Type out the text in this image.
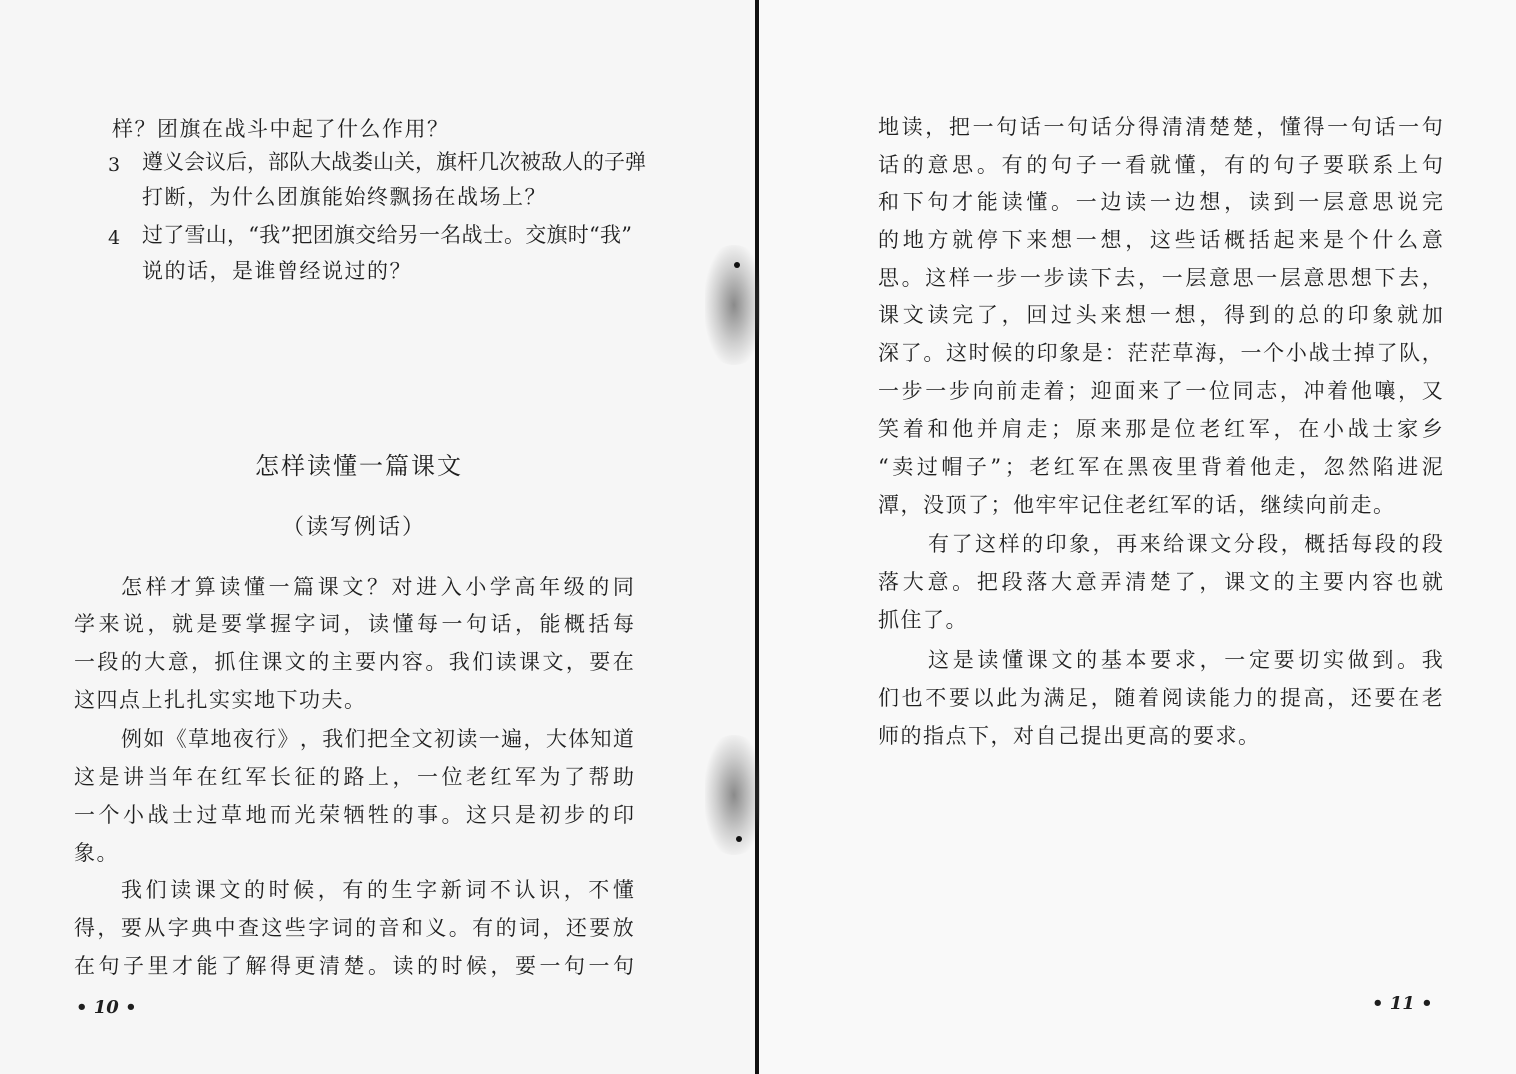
样？团旗在战斗中起了什么作用？
3 遵 义 会 议 后 ， 部 队 大 战 娄 山 关 ， 旗 杆 几 次 被 敌 人 的 子 弹
打断，为什么团旗能始终飘扬在战场上？
4 过 了 雪 山 ， “ 我 ” 把 团 旗 交 给 另 一 名 战 士 。 交 旗 时 “ 我 ”
说的话，是谁曾经说过的？
怎样读懂一篇课文
（读写例话）
怎 样 才 算 读 懂 一 篇 课 文 ？ 对 进 入 小 学 高 年 级 的 同
学 来 说 ， 就 是 要 掌 握 字 词 ， 读 懂 每 一 句 话 ， 能 概 括 每
一 段 的 大 意 ， 抓 住 课 文 的 主 要 内 容 。 我 们 读 课 文 ， 要 在
这四点上扎扎实实地下功夫。
例 如 《 草 地 夜 行 》 ， 我 们 把 全 文 初 读 一 遍 ， 大 体 知 道
这 是 讲 当 年 在 红 军 长 征 的 路 上 ， 一 位 老 红 军 为 了 帮 助
一 个 小 战 士 过 草 地 而 光 荣 牺 牲 的 事 。 这 只 是 初 步 的 印
象。
我 们 读 课 文 的 时 候 ， 有 的 生 字 新 词 不 认 识 ， 不 懂
得 ， 要 从 字 典 中 查 这 些 字 词 的 音 和 义 。 有 的 词 ， 还 要 放
在 句 子 里 才 能 了 解 得 更 清 楚 。 读 的 时 候 ， 要 一 句 一 句
• 10 •
地 读 ， 把 一 句 话 一 句 话 分 得 清 清 楚 楚 ， 懂 得 一 句 话 一 句
话 的 意 思 。 有 的 句 子 一 看 就 懂 ， 有 的 句 子 要 联 系 上 句
和 下 句 才 能 读 懂 。 一 边 读 一 边 想 ， 读 到 一 层 意 思 说 完
的 地 方 就 停 下 来 想 一 想 ， 这 些 话 概 括 起 来 是 个 什 么 意
思 。 这 样 一 步 一 步 读 下 去 ， 一 层 意 思 一 层 意 思 想 下 去 ，
课 文 读 完 了 ， 回 过 头 来 想 一 想 ， 得 到 的 总 的 印 象 就 加
深 了 。 这 时 候 的 印 象 是 ： 茫 茫 草 海 ， 一 个 小 战 士 掉 了 队 ，
一 步 一 步 向 前 走 着 ； 迎 面 来 了 一 位 同 志 ， 冲 着 他 嚷 ， 又
笑 着 和 他 并 肩 走 ； 原 来 那 是 位 老 红 军 ， 在 小 战 士 家 乡
“ 卖 过 帽 子 ” ； 老 红 军 在 黑 夜 里 背 着 他 走 ， 忽 然 陷 进 泥
潭，没顶了；他牢牢记住老红军的话，继续向前走。
有 了 这 样 的 印 象 ， 再 来 给 课 文 分 段 ， 概 括 每 段 的 段
落 大 意 。 把 段 落 大 意 弄 清 楚 了 ， 课 文 的 主 要 内 容 也 就
抓住了。
这 是 读 懂 课 文 的 基 本 要 求 ， 一 定 要 切 实 做 到 。 我
们 也 不 要 以 此 为 满 足 ， 随 着 阅 读 能 力 的 提 高 ， 还 要 在 老
师的指点下，对自己提出更高的要求。
• 11 •
